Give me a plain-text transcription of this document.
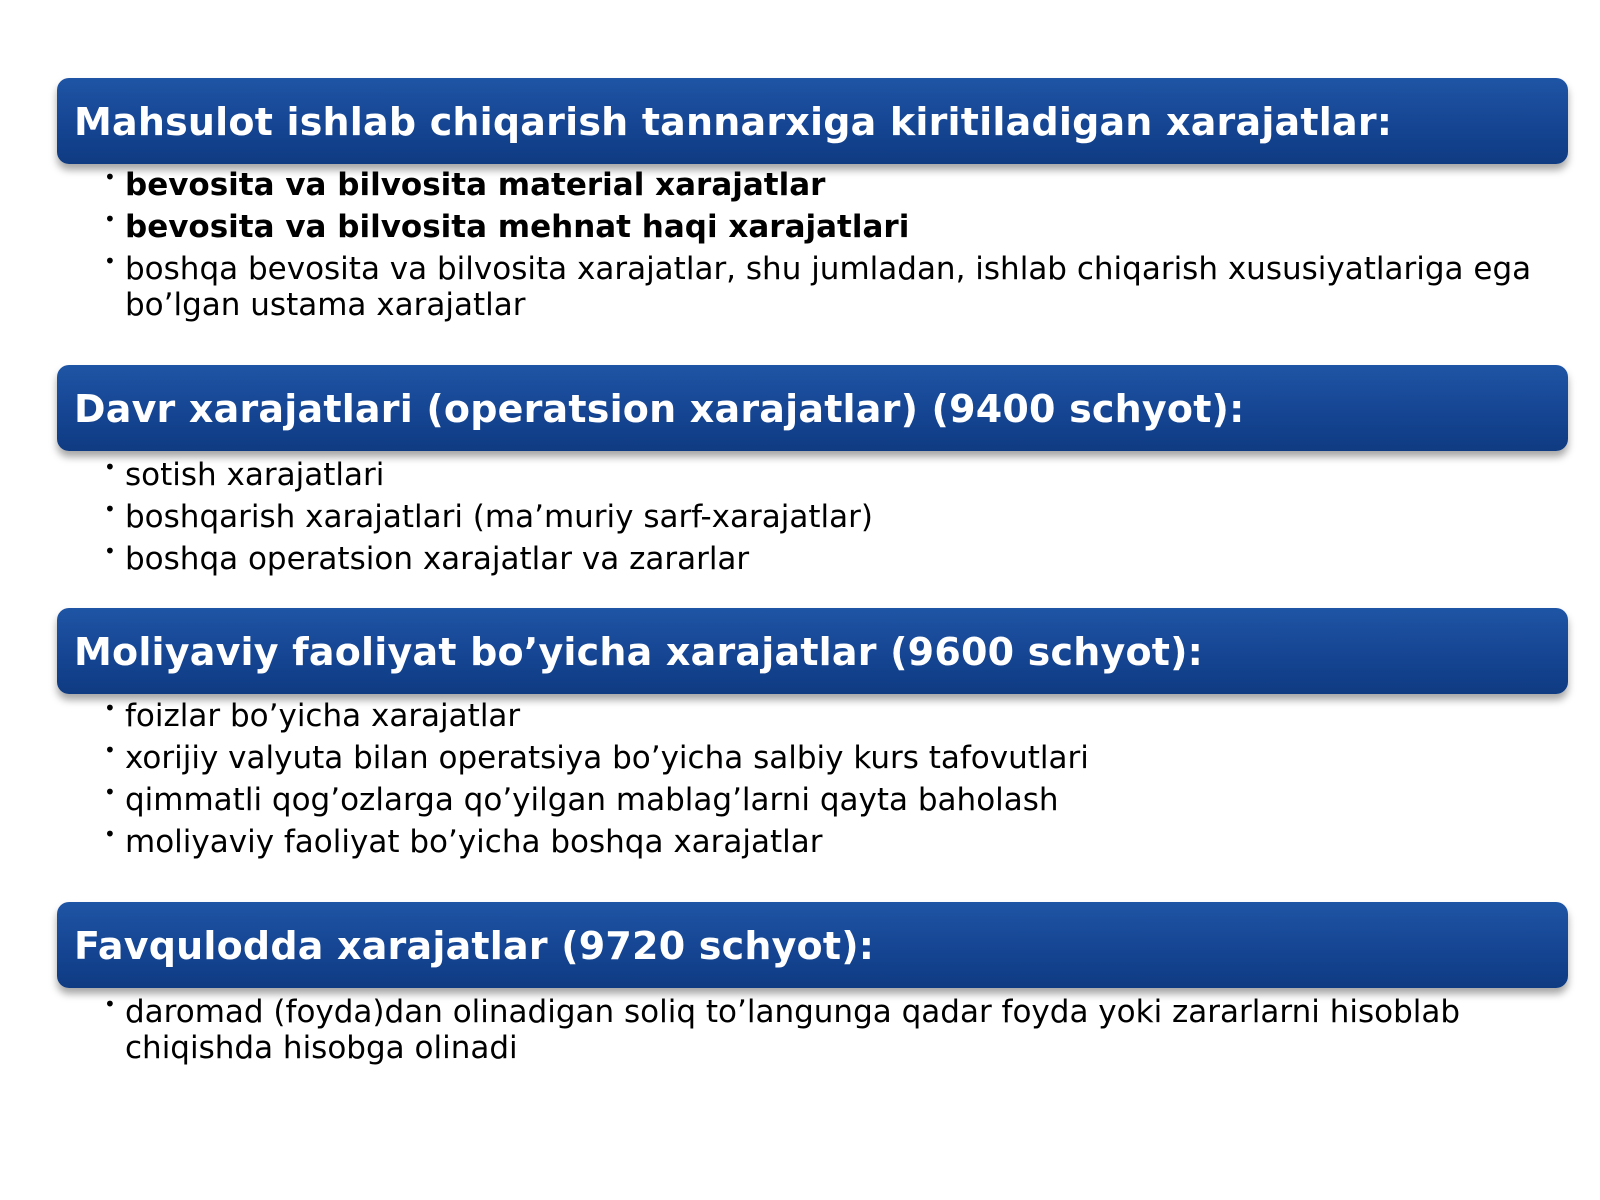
Mahsulot ishlab chiqarish tannarxiga kiritiladigan xarajatlar:
• bevosita va bilvosita material xarajatlar
• bevosita va bilvosita mehnat haqi xarajatlari
• boshqa bevosita va bilvosita xarajatlar, shu jumladan, ishlab chiqarish xususiyatlariga ega bo’lgan ustama xarajatlar
Davr xarajatlari (operatsion xarajatlar) (9400 schyot):
• sotish xarajatlari
• boshqarish xarajatlari (ma’muriy sarf-xarajatlar)
• boshqa operatsion xarajatlar va zararlar
Moliyaviy faoliyat bo’yicha xarajatlar (9600 schyot):
• foizlar bo’yicha xarajatlar
• xorijiy valyuta bilan operatsiya bo’yicha salbiy kurs tafovutlari
• qimmatli qog’ozlarga qo’yilgan mablag’larni qayta baholash
• moliyaviy faoliyat bo’yicha boshqa xarajatlar
Favqulodda xarajatlar (9720 schyot):
• daromad (foyda)dan olinadigan soliq to’langunga qadar foyda yoki zararlarni hisoblab chiqishda hisobga olinadi
